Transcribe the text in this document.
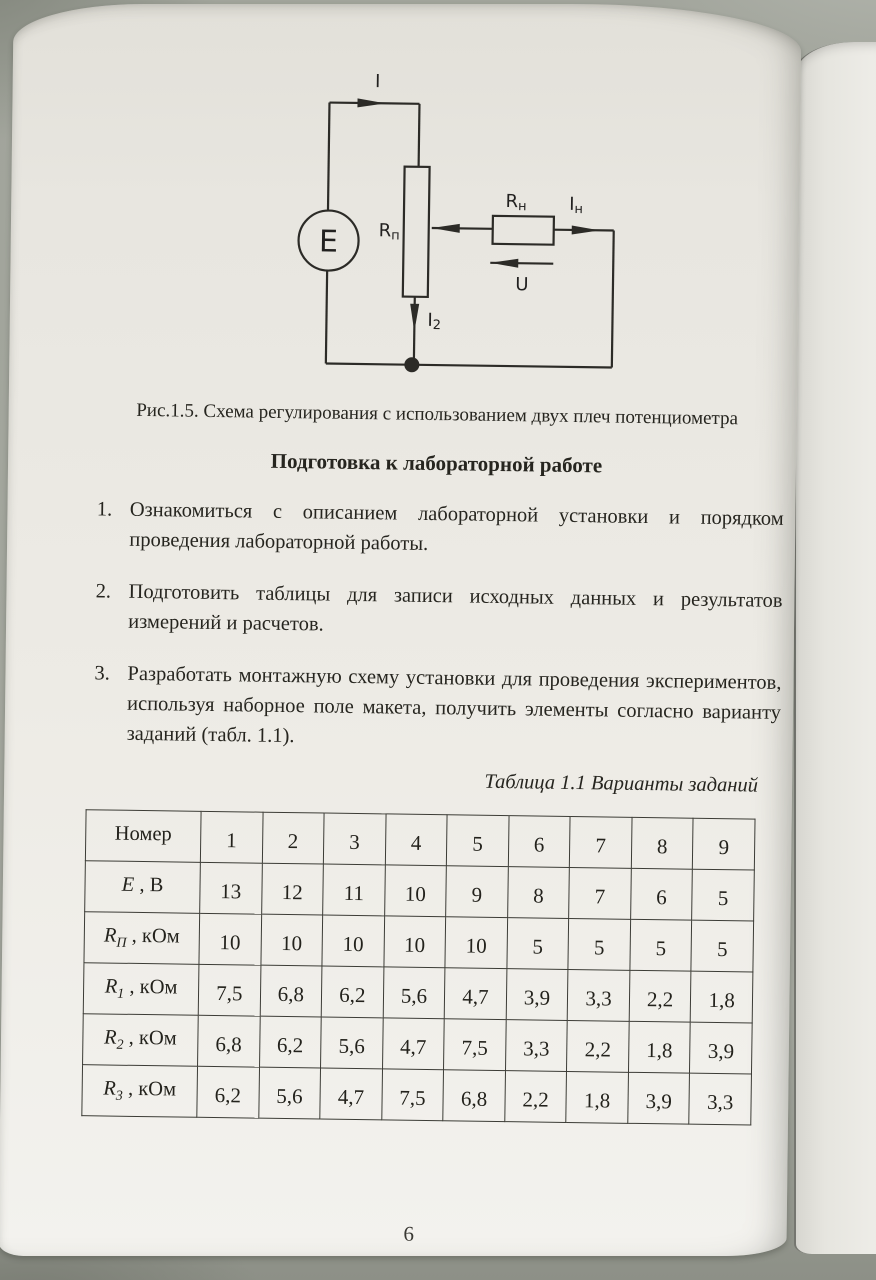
I
E Rп
Rн Iн
U
I2
Рис.1.5. Схема регулирования с использованием двух плеч потенциометра
Подготовка к лабораторной работе
1. Ознакомиться с описанием лабораторной установки и порядком проведения лабораторной работы.
2. Подготовить таблицы для записи исходных данных и результатов измерений и расчетов.
3. Разработать монтажную схему установки для проведения экспериментов, используя наборное поле макета, получить элементы согласно варианту заданий (табл. 1.1).
Таблица 1.1 Варианты заданий
Номер	1	2	3	4	5	6	7	8	9
E , В	13	12	11	10	9	8	7	6	5
$R_П$ , кОм	10	10	10	10	10	5	5	5	5
$R_1$ , кОм	7,5	6,8	6,2	5,6	4,7	3,9	3,3	2,2	1,8
$R_2$ , кОм	6,8	6,2	5,6	4,7	7,5	3,3	2,2	1,8	3,9
$R_3$ , кОм	6,2	5,6	4,7	7,5	6,8	2,2	1,8	3,9	3,3
6
